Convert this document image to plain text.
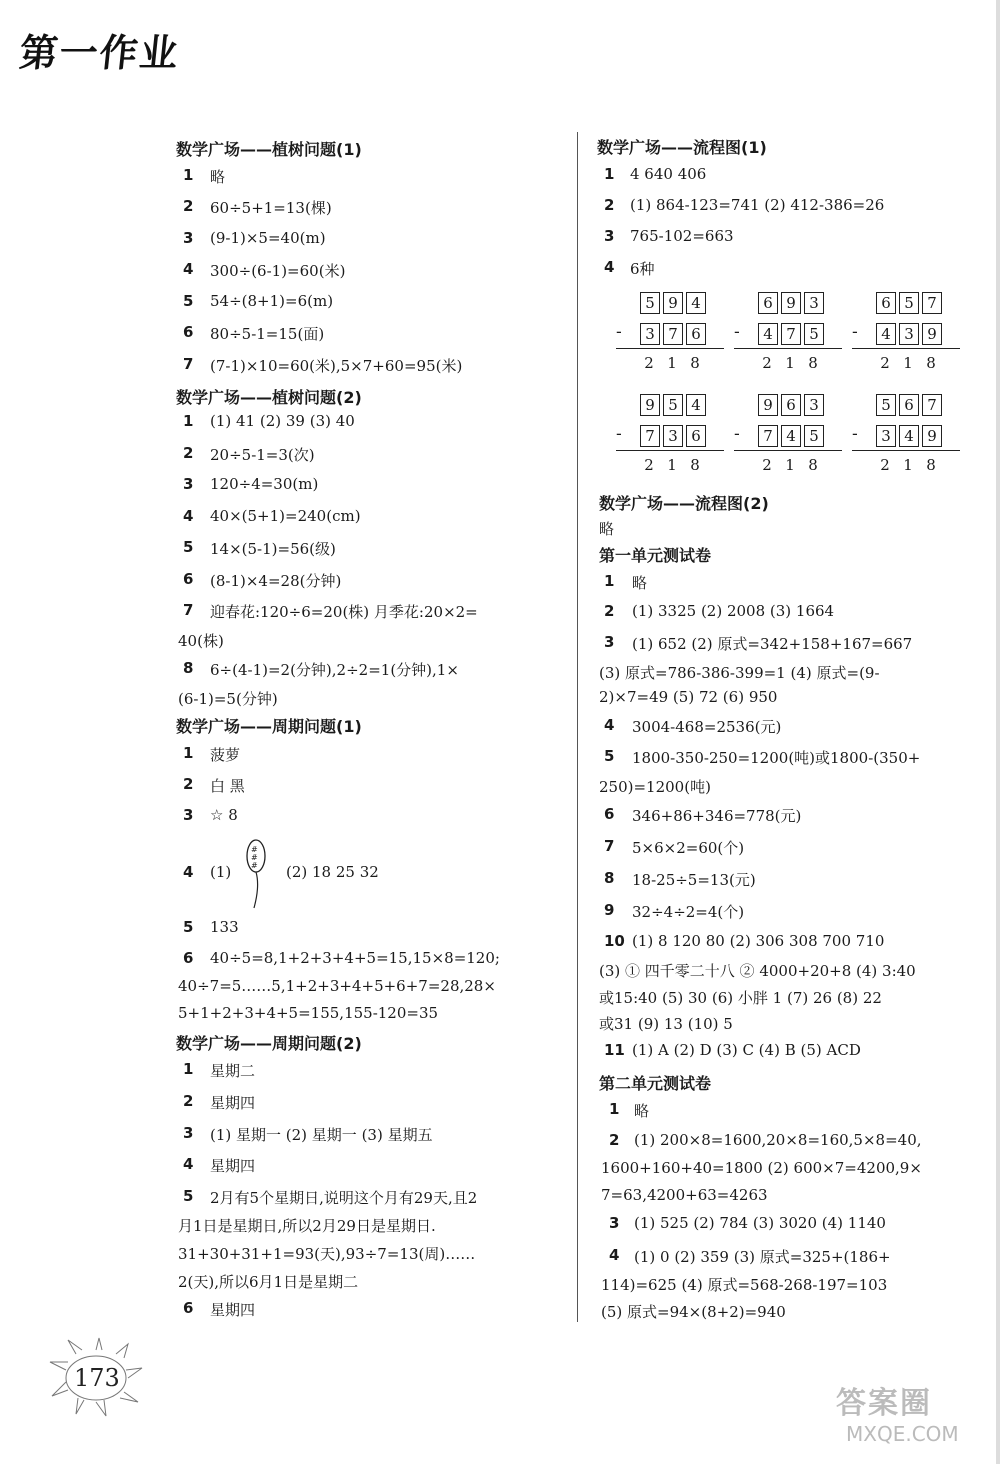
第一作业
数学广场——植树问题(1)
1 略
2 60÷5+1=13(棵)
3 (9-1)×5=40(m)
4 300÷(6-1)=60(米)
5 54÷(8+1)=6(m)
6 80÷5-1=15(面)
7 (7-1)×10=60(米),5×7+60=95(米)
数学广场——植树问题(2)
1 (1) 41 (2) 39 (3) 40
2 20÷5-1=3(次)
3 120÷4=30(m)
4 40×(5+1)=240(cm)
5 14×(5-1)=56(级)
6 (8-1)×4=28(分钟)
7 迎春花:120÷6=20(株) 月季花:20×2=
40(株)
8 6÷(4-1)=2(分钟),2÷2=1(分钟),1×
(6-1)=5(分钟)
数学广场——周期问题(1)
1 菠萝
2 白 黑
3 ☆ 8
4 (1)	(2) 18 25 32
5 133
6 40÷5=8,1+2+3+4+5=15,15×8=120;
40÷7=5……5,1+2+3+4+5+6+7=28,28×
5+1+2+3+4+5=155,155-120=35
数学广场——周期问题(2)
1 星期二
2 星期四
3 (1) 星期一 (2) 星期一 (3) 星期五
4 星期四
5 2月有5个星期日,说明这个月有29天,且2
月1日是星期日,所以2月29日是星期日.
31+30+31+1=93(天),93÷7=13(周)……
2(天),所以6月1日是星期二
6 星期四
数学广场——流程图(1)
1 4 640 406
2 (1) 864-123=741 (2) 412-386=26
3 765-102=663
4 6种
5 9 4
-	3 7 6
2 1 8
6 9 3
-	4 7 5
2 1 8
6 5 7
-	4 3 9
2 1 8
9 5 4
-	7 3 6
2 1 8
9 6 3
-	7 4 5
2 1 8
5 6 7
-	3 4 9
2 1 8
数学广场——流程图(2)
略
第一单元测试卷
1 略
2 (1) 3325 (2) 2008 (3) 1664
3 (1) 652 (2) 原式=342+158+167=667
(3) 原式=786-386-399=1 (4) 原式=(9-
2)×7=49 (5) 72 (6) 950
4 3004-468=2536(元)
5 1800-350-250=1200(吨)或1800-(350+
250)=1200(吨)
6 346+86+346=778(元)
7 5×6×2=60(个)
8 18-25÷5=13(元)
9 32÷4÷2=4(个)
10 (1) 8 120 80 (2) 306 308 700 710
(3) ① 四千零二十八 ② 4000+20+8 (4) 3:40
或15:40 (5) 30 (6) 小胖 1 (7) 26 (8) 22
或31 (9) 13 (10) 5
11 (1) A (2) D (3) C (4) B (5) ACD
第二单元测试卷
1 略
2 (1) 200×8=1600,20×8=160,5×8=40,
1600+160+40=1800 (2) 600×7=4200,9×
7=63,4200+63=4263
3 (1) 525 (2) 784 (3) 3020 (4) 1140
4 (1) 0 (2) 359 (3) 原式=325+(186+
114)=625 (4) 原式=568-268-197=103
(5) 原式=94×(8+2)=940
#
#
#
173
答案圈
MXQE.COM
